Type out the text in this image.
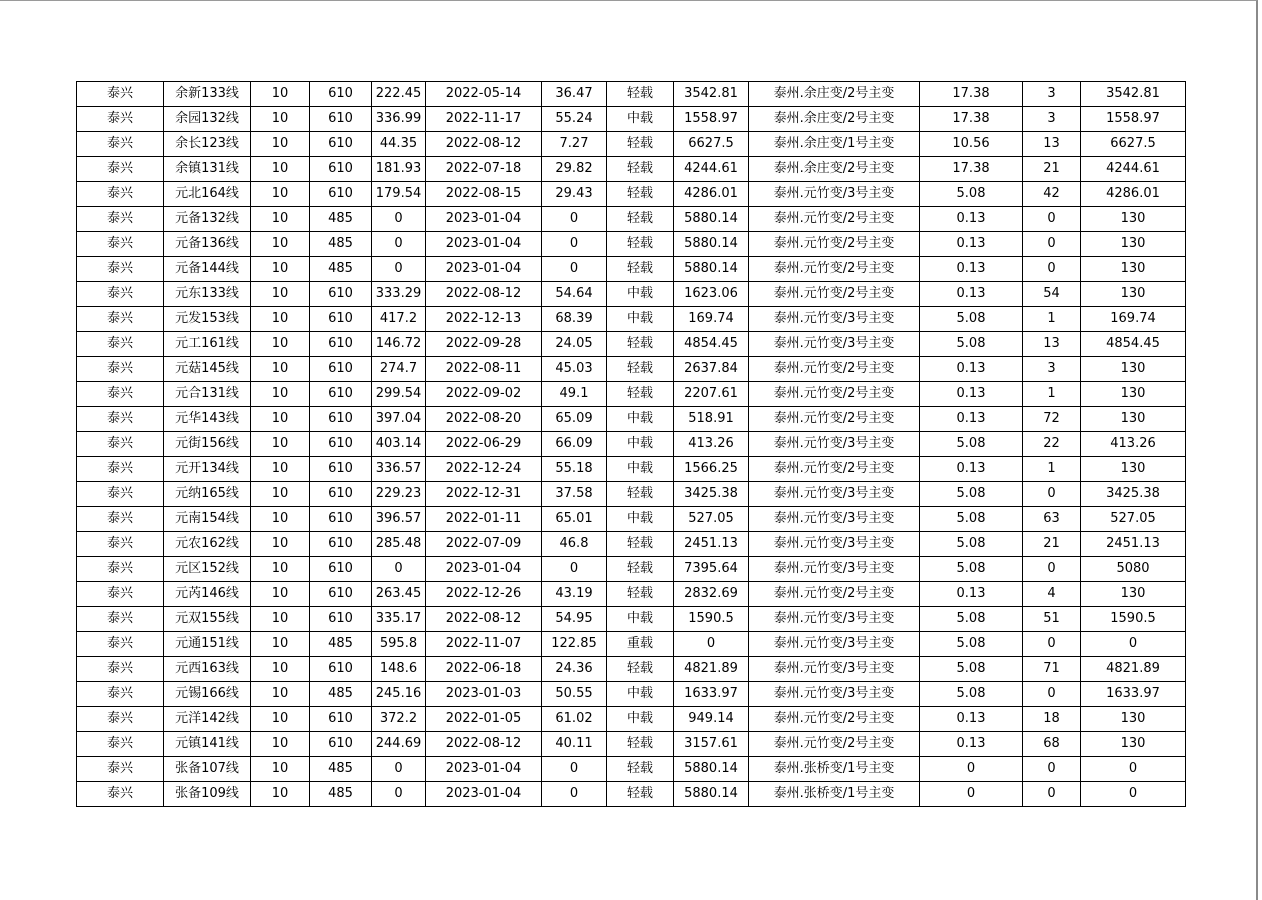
泰兴	余新133线	10	610	222.45	2022-05-14	36.47	轻载	3542.81	泰州.余庄变/2号主变	17.38	3	3542.81
泰兴	余园132线	10	610	336.99	2022-11-17	55.24	中载	1558.97	泰州.余庄变/2号主变	17.38	3	1558.97
泰兴	余长123线	10	610	44.35	2022-08-12	7.27	轻载	6627.5	泰州.余庄变/1号主变	10.56	13	6627.5
泰兴	余镇131线	10	610	181.93	2022-07-18	29.82	轻载	4244.61	泰州.余庄变/2号主变	17.38	21	4244.61
泰兴	元北164线	10	610	179.54	2022-08-15	29.43	轻载	4286.01	泰州.元竹变/3号主变	5.08	42	4286.01
泰兴	元备132线	10	485	0	2023-01-04	0	轻载	5880.14	泰州.元竹变/2号主变	0.13	0	130
泰兴	元备136线	10	485	0	2023-01-04	0	轻载	5880.14	泰州.元竹变/2号主变	0.13	0	130
泰兴	元备144线	10	485	0	2023-01-04	0	轻载	5880.14	泰州.元竹变/2号主变	0.13	0	130
泰兴	元东133线	10	610	333.29	2022-08-12	54.64	中载	1623.06	泰州.元竹变/2号主变	0.13	54	130
泰兴	元发153线	10	610	417.2	2022-12-13	68.39	中载	169.74	泰州.元竹变/3号主变	5.08	1	169.74
泰兴	元工161线	10	610	146.72	2022-09-28	24.05	轻载	4854.45	泰州.元竹变/3号主变	5.08	13	4854.45
泰兴	元菇145线	10	610	274.7	2022-08-11	45.03	轻载	2637.84	泰州.元竹变/2号主变	0.13	3	130
泰兴	元合131线	10	610	299.54	2022-09-02	49.1	轻载	2207.61	泰州.元竹变/2号主变	0.13	1	130
泰兴	元华143线	10	610	397.04	2022-08-20	65.09	中载	518.91	泰州.元竹变/2号主变	0.13	72	130
泰兴	元街156线	10	610	403.14	2022-06-29	66.09	中载	413.26	泰州.元竹变/3号主变	5.08	22	413.26
泰兴	元开134线	10	610	336.57	2022-12-24	55.18	中载	1566.25	泰州.元竹变/2号主变	0.13	1	130
泰兴	元纳165线	10	610	229.23	2022-12-31	37.58	轻载	3425.38	泰州.元竹变/3号主变	5.08	0	3425.38
泰兴	元南154线	10	610	396.57	2022-01-11	65.01	中载	527.05	泰州.元竹变/3号主变	5.08	63	527.05
泰兴	元农162线	10	610	285.48	2022-07-09	46.8	轻载	2451.13	泰州.元竹变/3号主变	5.08	21	2451.13
泰兴	元区152线	10	610	0	2023-01-04	0	轻载	7395.64	泰州.元竹变/3号主变	5.08	0	5080
泰兴	元芮146线	10	610	263.45	2022-12-26	43.19	轻载	2832.69	泰州.元竹变/2号主变	0.13	4	130
泰兴	元双155线	10	610	335.17	2022-08-12	54.95	中载	1590.5	泰州.元竹变/3号主变	5.08	51	1590.5
泰兴	元通151线	10	485	595.8	2022-11-07	122.85	重载	0	泰州.元竹变/3号主变	5.08	0	0
泰兴	元西163线	10	610	148.6	2022-06-18	24.36	轻载	4821.89	泰州.元竹变/3号主变	5.08	71	4821.89
泰兴	元锡166线	10	485	245.16	2023-01-03	50.55	中载	1633.97	泰州.元竹变/3号主变	5.08	0	1633.97
泰兴	元洋142线	10	610	372.2	2022-01-05	61.02	中载	949.14	泰州.元竹变/2号主变	0.13	18	130
泰兴	元镇141线	10	610	244.69	2022-08-12	40.11	轻载	3157.61	泰州.元竹变/2号主变	0.13	68	130
泰兴	张备107线	10	485	0	2023-01-04	0	轻载	5880.14	泰州.张桥变/1号主变	0	0	0
泰兴	张备109线	10	485	0	2023-01-04	0	轻载	5880.14	泰州.张桥变/1号主变	0	0	0
